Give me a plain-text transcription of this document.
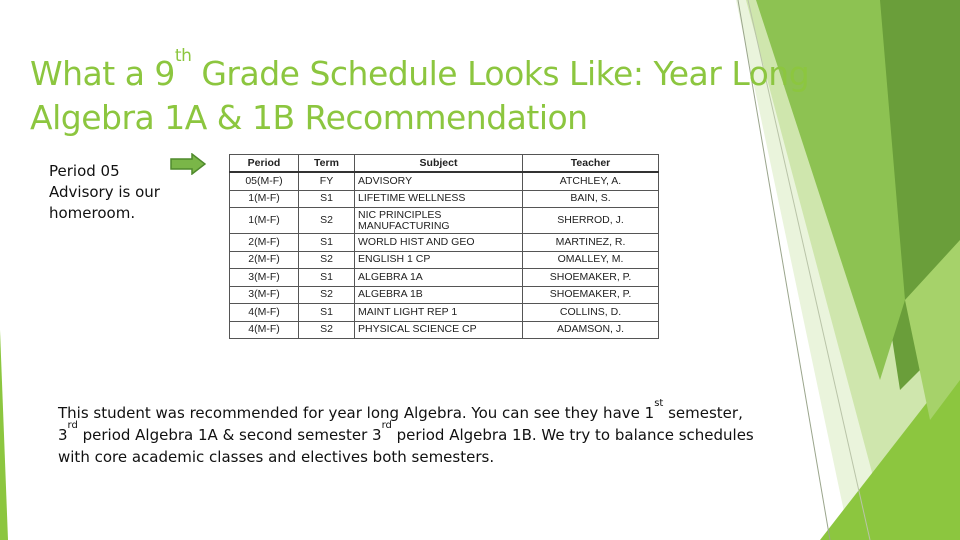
What a 9th Grade Schedule Looks Like: Year Long
Algebra 1A & 1B Recommendation
Period 05 Advisory is our homeroom.
Period	Term	Subject	Teacher
05(M-F)	FY	ADVISORY	ATCHLEY, A.
1(M-F)	S1	LIFETIME WELLNESS	BAIN, S.
1(M-F)	S2	NIC PRINCIPLES MANUFACTURING	SHERROD, J.
2(M-F)	S1	WORLD HIST AND GEO	MARTINEZ, R.
2(M-F)	S2	ENGLISH 1 CP	OMALLEY, M.
3(M-F)	S1	ALGEBRA 1A	SHOEMAKER, P.
3(M-F)	S2	ALGEBRA 1B	SHOEMAKER, P.
4(M-F)	S1	MAINT LIGHT REP 1	COLLINS, D.
4(M-F)	S2	PHYSICAL SCIENCE CP	ADAMSON, J.

This student was recommended for year long Algebra. You can see they have 1st semester, 3rd period Algebra 1A & second semester 3rd period Algebra 1B. We try to balance schedules with core academic classes and electives both semesters.
